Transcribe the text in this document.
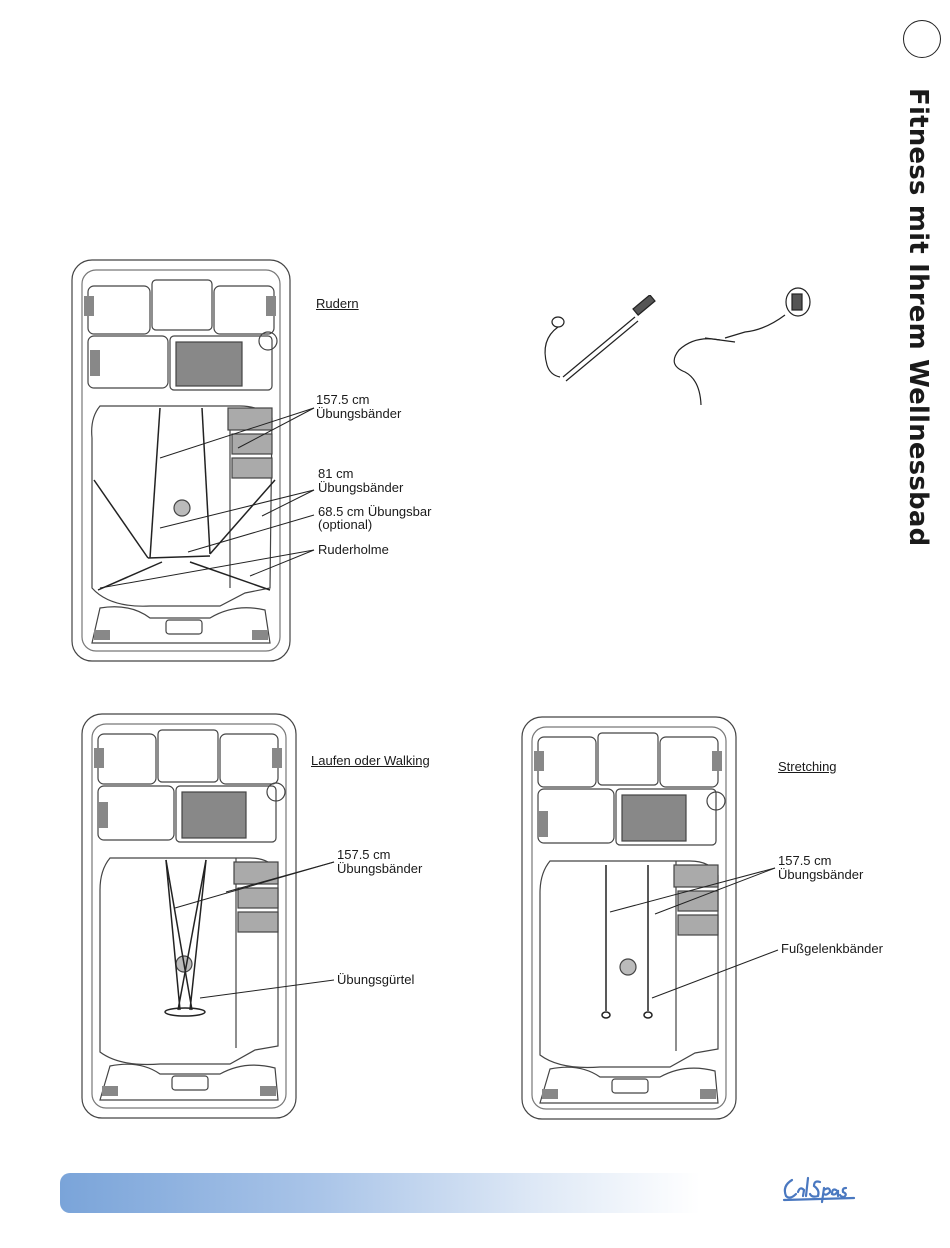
Fitness mit Ihrem Wellnessbad
Rudern
157.5 cm
Übungsbänder
81 cm
Übungsbänder
68.5 cm Übungsbar
(optional)
Ruderholme
Laufen oder Walking
157.5 cm
Übungsbänder
Übungsgürtel
Stretching
157.5 cm
Übungsbänder
Fußgelenkbänder
